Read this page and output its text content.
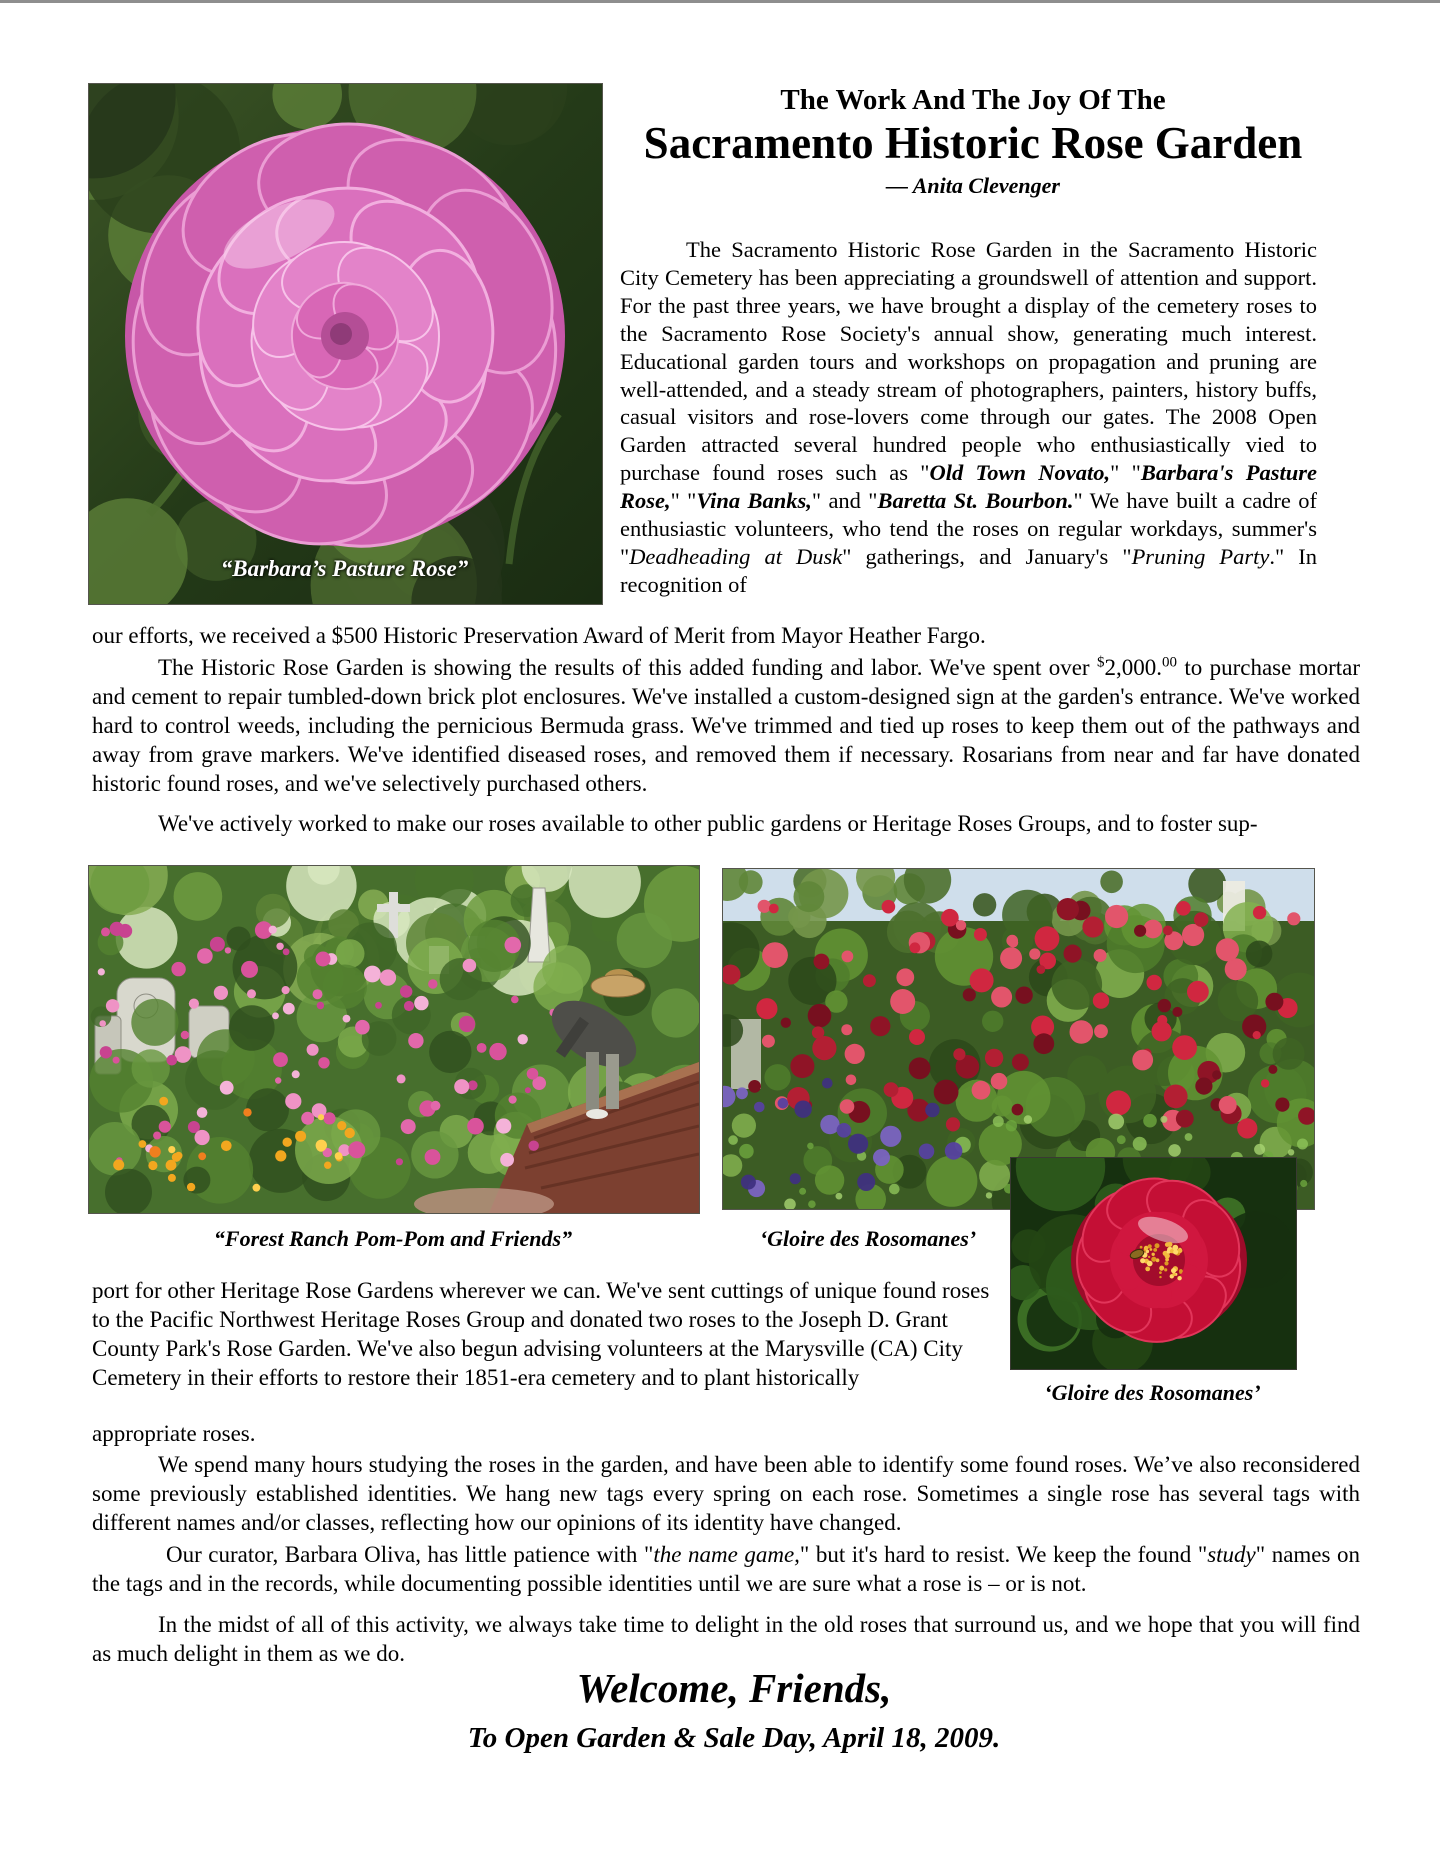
“Barbara’s Pasture Rose”
The Work And The Joy Of The
Sacramento Historic Rose Garden
— Anita Clevenger

The Sacramento Historic Rose Garden in the Sacramento Historic City Cemetery has been appreciating a groundswell of attention and support. For the past three years, we have brought a display of the cemetery roses to the Sacramento Rose Society's annual show, generating much interest. Educational garden tours and workshops on propagation and pruning are well-attended, and a steady stream of photographers, painters, history buffs, casual visitors and rose-lovers come through our gates. The 2008 Open Garden attracted several hundred people who enthusiastically vied to purchase found roses such as "Old Town Novato," "Barbara's Pasture Rose," "Vina Banks," and "Baretta St. Bourbon." We have built a cadre of enthusiastic volunteers, who tend the roses on regular workdays, summer's "Deadheading at Dusk" gatherings, and January's "Pruning Party." In recognition of

our efforts, we received a $500 Historic Preservation Award of Merit from Mayor Heather Fargo.

The Historic Rose Garden is showing the results of this added funding and labor. We've spent over $2,000.00 to purchase mortar and cement to repair tumbled-down brick plot enclosures. We've installed a custom-designed sign at the garden's entrance. We've worked hard to control weeds, including the pernicious Bermuda grass. We've trimmed and tied up roses to keep them out of the pathways and away from grave markers. We've identified diseased roses, and removed them if necessary. Rosarians from near and far have donated historic found roses, and we've selectively purchased others.

We've actively worked to make our roses available to other public gardens or Heritage Roses Groups, and to foster sup-

“Forest Ranch Pom-Pom and Friends”	‘Gloire des Rosomanes’
‘Gloire des Rosomanes’

port for other Heritage Rose Gardens wherever we can. We've sent cuttings of unique found roses to the Pacific Northwest Heritage Roses Group and donated two roses to the Joseph D. Grant County Park's Rose Garden. We've also begun advising volunteers at the Marysville (CA) City Cemetery in their efforts to restore their 1851-era cemetery and to plant historically

appropriate roses.

We spend many hours studying the roses in the garden, and have been able to identify some found roses. We’ve also reconsidered some previously established identities. We hang new tags every spring on each rose. Sometimes a single rose has several tags with different names and/or classes, reflecting how our opinions of its identity have changed.

Our curator, Barbara Oliva, has little patience with "the name game," but it's hard to resist. We keep the found "study" names on the tags and in the records, while documenting possible identities until we are sure what a rose is – or is not.

In the midst of all of this activity, we always take time to delight in the old roses that surround us, and we hope that you will find as much delight in them as we do.

Welcome, Friends,
To Open Garden & Sale Day, April 18, 2009.
